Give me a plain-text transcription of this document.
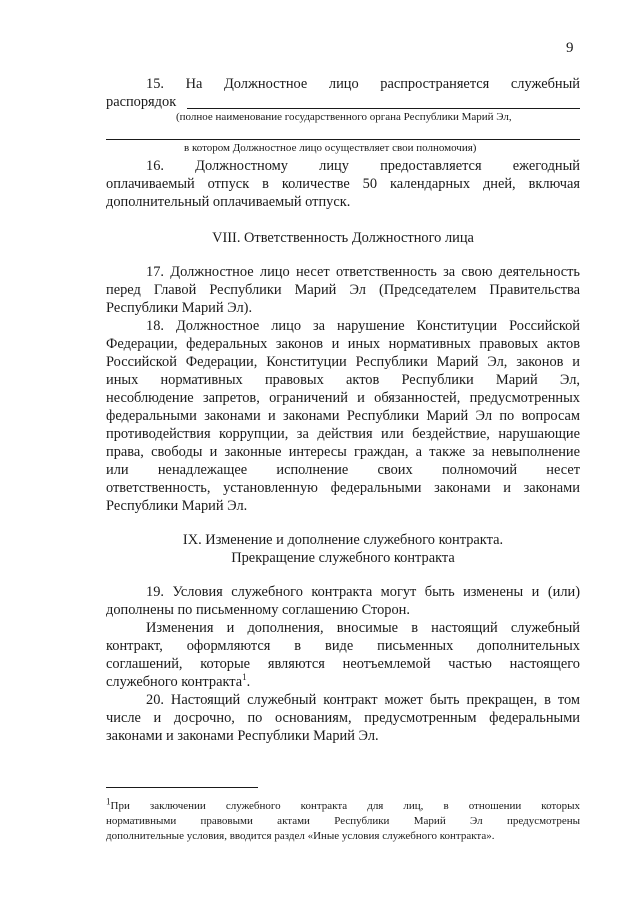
9
15. На Должностное лицо распространяется служебный
распорядок
(полное наименование государственного органа Республики Марий Эл,
в котором Должностное лицо осуществляет свои полномочия)
16. Должностному лицу предоставляется ежегодный
оплачиваемый отпуск в количестве 50 календарных дней, включая
дополнительный оплачиваемый отпуск.
VIII. Ответственность Должностного лица
17. Должностное лицо несет ответственность за свою деятельность
перед Главой Республики Марий Эл (Председателем Правительства
Республики Марий Эл).
18. Должностное лицо за нарушение Конституции Российской
Федерации, федеральных законов и иных нормативных правовых актов
Российской Федерации, Конституции Республики Марий Эл, законов и
иных нормативных правовых актов Республики Марий Эл,
несоблюдение запретов, ограничений и обязанностей, предусмотренных
федеральными законами и законами Республики Марий Эл по вопросам
противодействия коррупции, за действия или бездействие, нарушающие
права, свободы и законные интересы граждан, а также за невыполнение
или ненадлежащее исполнение своих полномочий несет
ответственность, установленную федеральными законами и законами
Республики Марий Эл.
IX. Изменение и дополнение служебного контракта.
Прекращение служебного контракта
19. Условия служебного контракта могут быть изменены и (или)
дополнены по письменному соглашению Сторон.
Изменения и дополнения, вносимые в настоящий служебный
контракт, оформляются в виде письменных дополнительных
соглашений, которые являются неотъемлемой частью настоящего
служебного контракта$^1$.
20. Настоящий служебный контракт может быть прекращен, в том
числе и досрочно, по основаниям, предусмотренным федеральными
законами и законами Республики Марий Эл.
$^1$При заключении служебного контракта для лиц, в отношении которых
нормативными правовыми актами Республики Марий Эл предусмотрены
дополнительные условия, вводится раздел «Иные условия служебного контракта».
